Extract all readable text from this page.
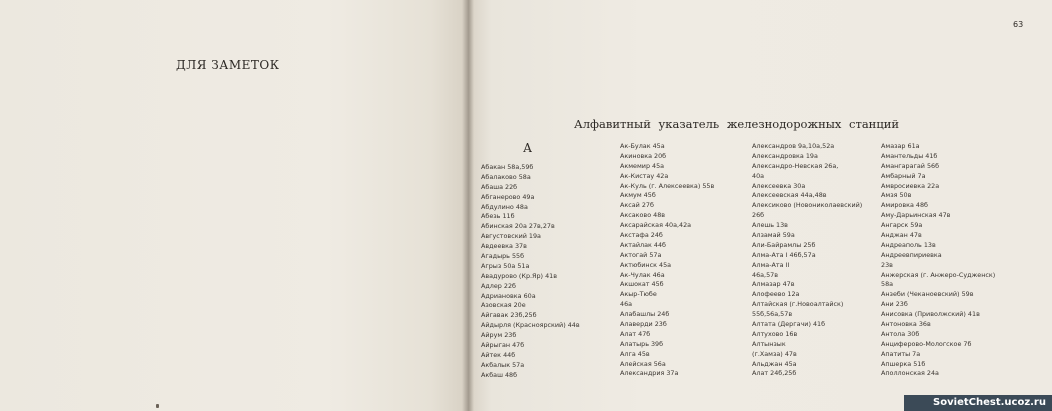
ДЛЯ ЗАМЕТОК
63
Алфавитный указатель железнодорожных станций
А
Абакан 58а,59б
Абалаково 58а
Абаша 22б
Абганерово 49а
Абдулино 48а
Абезь 11б
Абинская 20а 27в,27в
Авгуcтовский 19а
Авдеевка 37в
Агадырь 55б
Агрыз 50а 51а
Авадурово (Кр.Яр) 41в
Адлер 22б
Адриановка 60а
Азовская 20е
Айгавак 23б,25б
Айдырля (Красноярский) 44в
Айрум 23б
Айрыган 47б
Айтек 44б
Акбалык 57а
Акбаш 48б
Ак-Булак 45а
Акиновка 20б
Акмемир 45а
Ак-Кистау 42а
Ак-Куль (г. Алексеевка) 55в
Акмум 45б
Аксай 27б
Аксаково 48в
Аксарайская 40а,42а
Акстафа 24б
Актайлак 44б
Актогай 57а
Актюбинск 45а
Ак-Чулак 46а
Акшокат 45б
Акыр-Тюбе
46а
Алабашлы 24б
Алаверди 23б
Алат 47б
Алатырь 39б
Алга 45в
Алейская 56а
Александрия 37а
Александров 9а,10а,52а
Александровка 19а
Александро-Невская 26а,
40а
Алексеевка 30а
Алексеевская 44а,48в
Алексиково (Новониколаевский)
26б
Алешь 13в
Алзамай 59а
Али-Байрамлы 25б
Алма-Ата I 46б,57а
Алма-Ата II
46а,57в
Алмазар 47в
Алофеево 12а
Алтайская (г.Новоалтайск)
55б,56а,57в
Алтата (Дергачи) 41б
Алтухово 16в
Алтынзык
(г.Хамза) 47в
Альджан 45а
Алат 24б,25б
Амазар 61а
Амантельды 41б
Амангарагай 56б
Амбарный 7а
Амвросиевка 22а
Амзя 50в
Амировка 48б
Аму-Дарьинская 47в
Ангарск 59а
Анджан 47в
Андреаполь 13в
Андреевпириевка
23в
Анжерская (г. Анжеро-Судженск)
58а
Анзеби (Чеканоевский) 59в
Ани 23б
Анисовка (Приволжский) 41в
Антоновка 36в
Антола 30б
Анциферово-Мологское 7б
Апатиты 7а
Апшерка 51б
Аполлонская 24а
SovietChest.ucoz.ru
